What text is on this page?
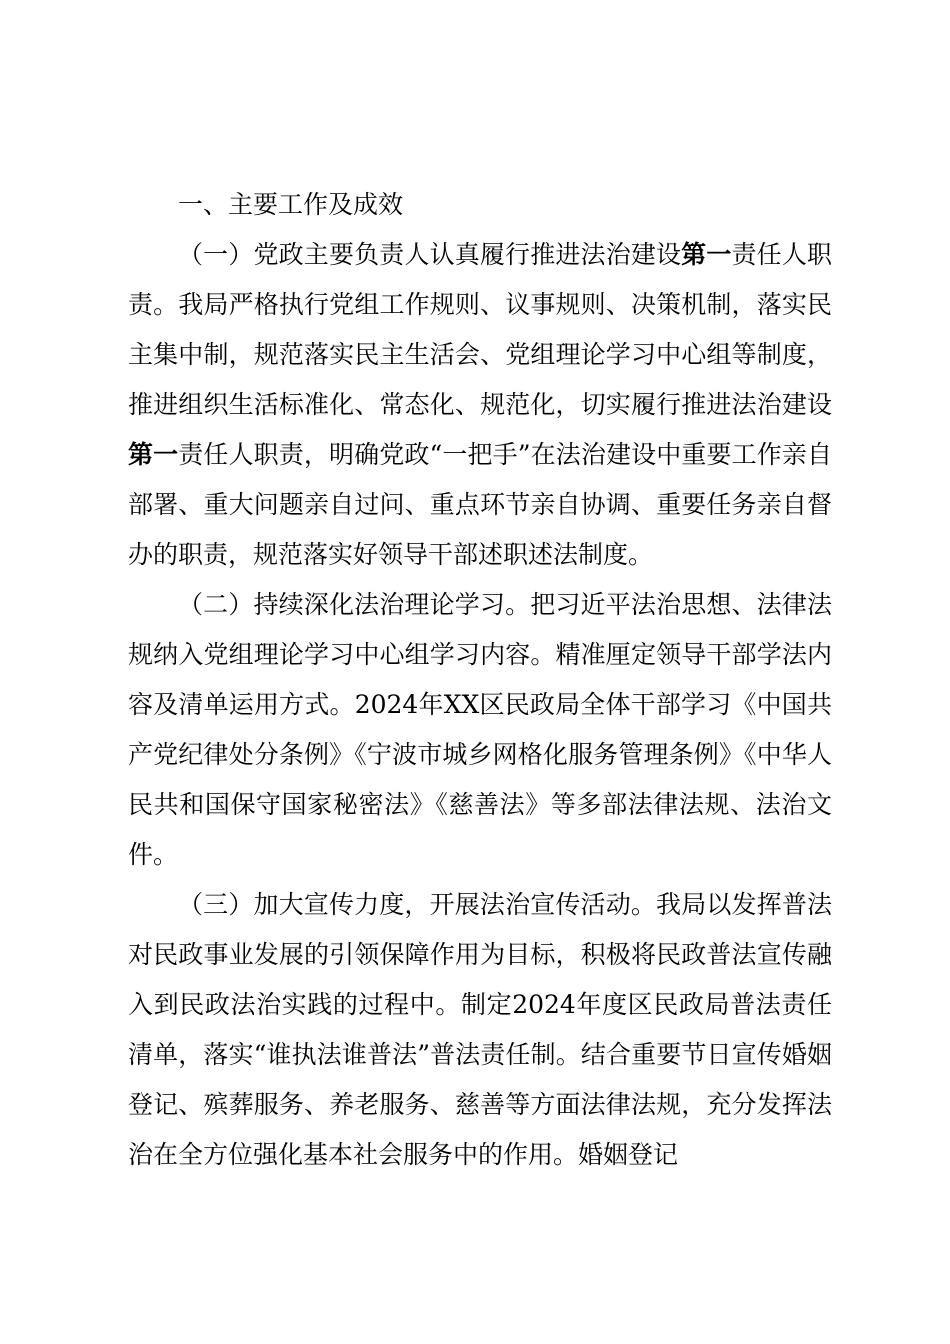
一、主要工作及成效

（一）党政主要负责人认真履行推进法治建设第一责任人职责。我局严格执行党组工作规则、议事规则、决策机制，落实民主集中制，规范落实民主生活会、党组理论学习中心组等制度，推进组织生活标准化、常态化、规范化，切实履行推进法治建设第一责任人职责，明确党政“一把手”在法治建设中重要工作亲自部署、重大问题亲自过问、重点环节亲自协调、重要任务亲自督办的职责，规范落实好领导干部述职述法制度。

（二）持续深化法治理论学习。把习近平法治思想、法律法规纳入党组理论学习中心组学习内容。精准厘定领导干部学法内容及清单运用方式。2024年XX区民政局全体干部学习《中国共产党纪律处分条例》《宁波市城乡网格化服务管理条例》《中华人民共和国保守国家秘密法》《慈善法》等多部法律法规、法治文件。

（三）加大宣传力度，开展法治宣传活动。我局以发挥普法对民政事业发展的引领保障作用为目标，积极将民政普法宣传融入到民政法治实践的过程中。制定2024年度区民政局普法责任清单，落实“谁执法谁普法”普法责任制。结合重要节日宣传婚姻登记、殡葬服务、养老服务、慈善等方面法律法规，充分发挥法治在全方位强化基本社会服务中的作用。婚姻登记
